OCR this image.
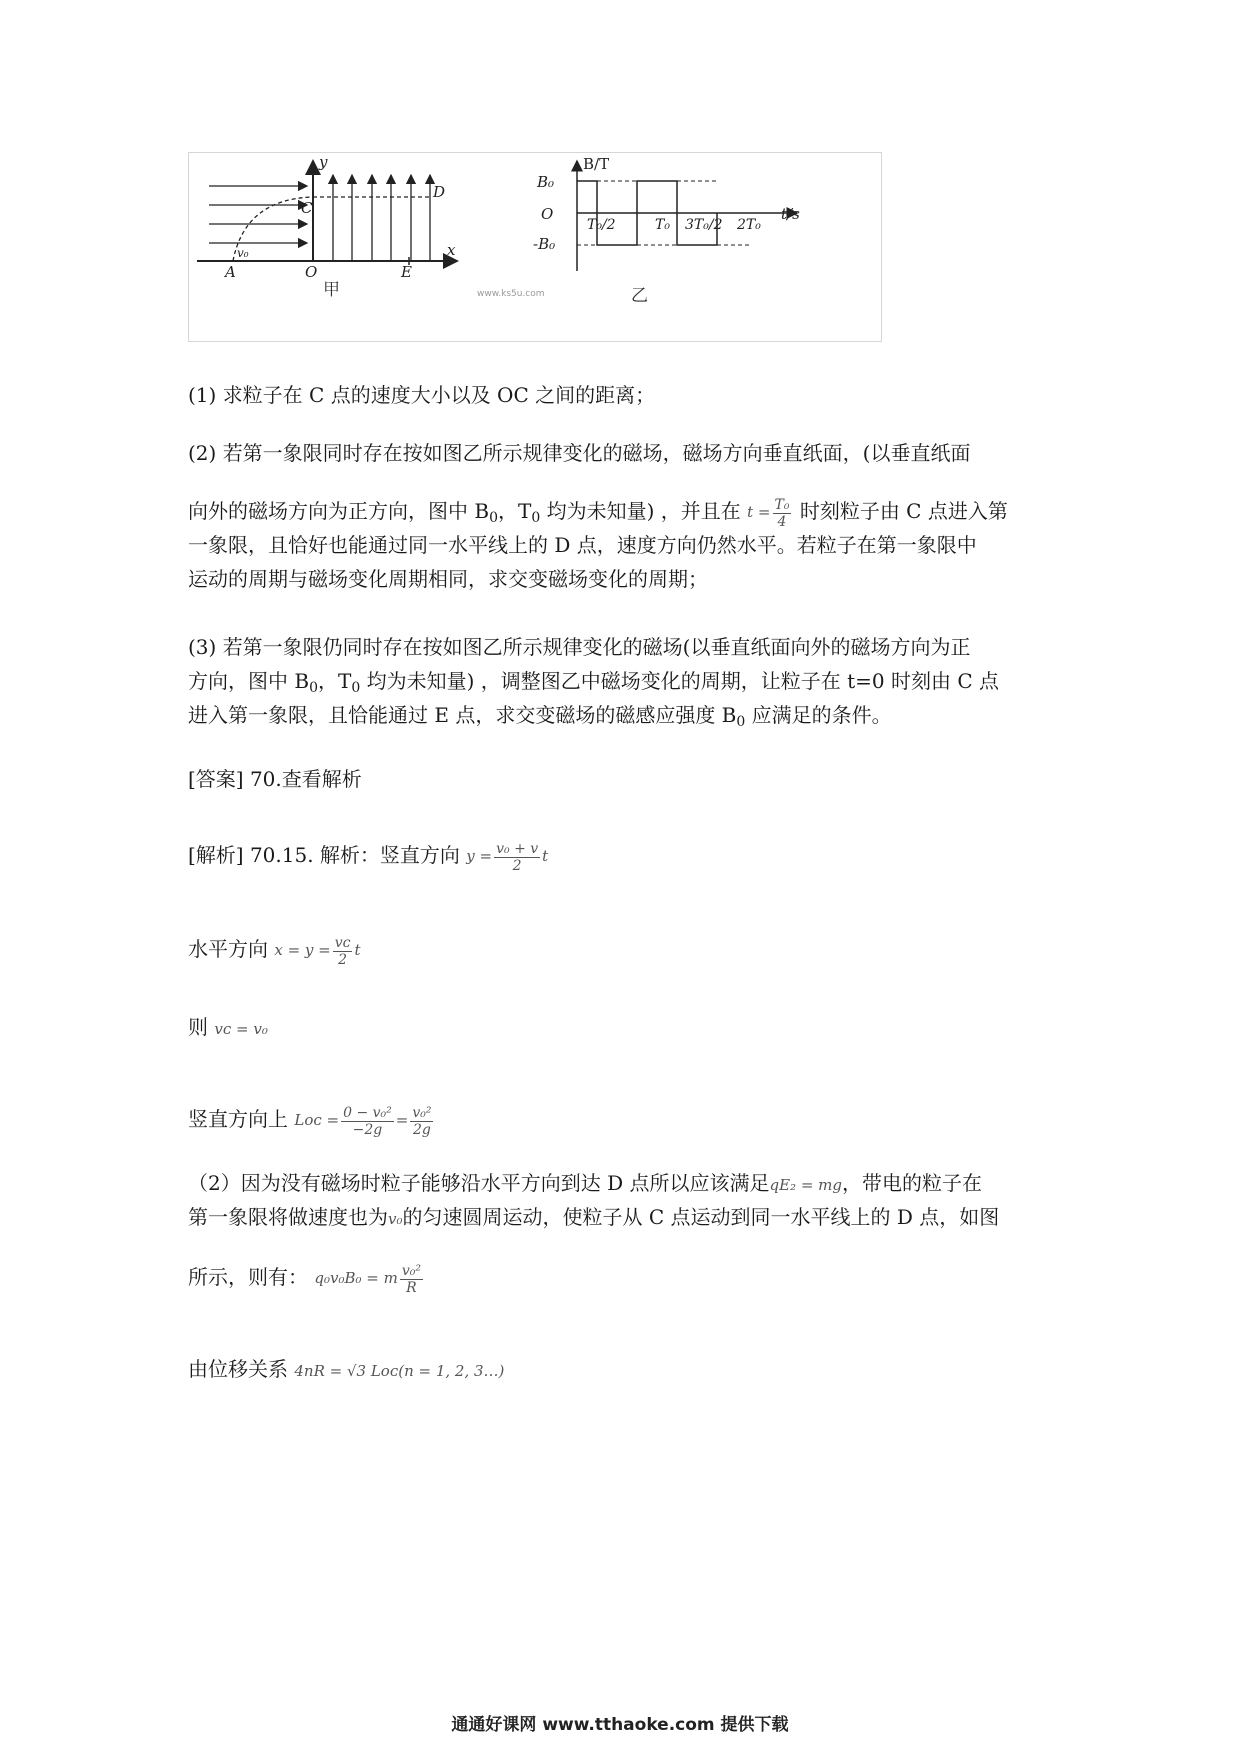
y
x
C
D
v₀
A	O	E
甲	www.ks5u.com
B/T
B₀
O
-B₀
t/s
T₀/2	T₀ 3T₀/2 2T₀
乙

(1) 求粒子在 C 点的速度大小以及 OC 之间的距离；

(2) 若第一象限同时存在按如图乙所示规律变化的磁场，磁场方向垂直纸面，(以垂直纸面

向外的磁场方向为正方向，图中 $B_0$，$T_0$ 均为未知量) ，并且在 $t = \frac{\text{T₀}}{4}$ 时刻粒子由 C 点进入第

一象限，且恰好也能通过同一水平线上的 D 点，速度方向仍然水平。若粒子在第一象限中

运动的周期与磁场变化周期相同，求交变磁场变化的周期；

(3) 若第一象限仍同时存在按如图乙所示规律变化的磁场(以垂直纸面向外的磁场方向为正

方向，图中 $B_0$，$T_0$ 均为未知量) ，调整图乙中磁场变化的周期，让粒子在 t=0 时刻由 C 点

进入第一象限，且恰能通过 E 点，求交变磁场的磁感应强度 $B_0$ 应满足的条件。

[答案] 70.查看解析

[解析] 70.15. 解析：竖直方向 $y = \frac{\text{v₀ + v}}{2}$ t

水平方向 $x = y = \frac{\text{vᴄ}}{2}$ t

则 vᴄ = v₀

竖直方向上 Lᴏᴄ = $\frac{\text{0 − v₀²}}{-2g} = \frac{\text{v₀²}}{2g}$

（2）因为没有磁场时粒子能够沿水平方向到达 D 点所以应该满足qE₂ = mg，带电的粒子在

第一象限将做速度也为v₀的匀速圆周运动，使粒子从 C 点运动到同一水平线上的 D 点，如图

所示，则有： q₀v₀B₀ = m $\frac{\text{v₀²}}{R}$

由位移关系 4nR = √3 Lᴏᴄ(n = 1, 2, 3…)

通通好课网 www.tthaoke.com 提供下载
